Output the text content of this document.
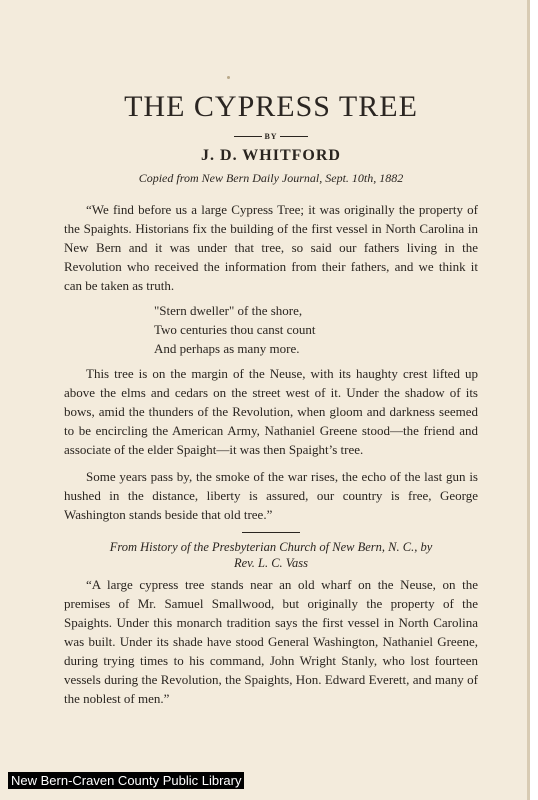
THE CYPRESS TREE
BY
J. D. WHITFORD
Copied from New Bern Daily Journal, Sept. 10th, 1882

“We find before us a large Cypress Tree; it was originally the property of the Spaights. Historians fix the building of the first vessel in North Carolina in New Bern and it was under that tree, so said our fathers living in the Revolution who received the information from their fathers, and we think it can be taken as truth.

"Stern dweller" of the shore,
Two centuries thou canst count
And perhaps as many more.

This tree is on the margin of the Neuse, with its haughty crest lifted up above the elms and cedars on the street west of it. Under the shadow of its bows, amid the thunders of the Revolution, when gloom and darkness seemed to be encircling the American Army, Nathaniel Greene stood—the friend and associate of the elder Spaight—it was then Spaight’s tree.

Some years pass by, the smoke of the war rises, the echo of the last gun is hushed in the distance, liberty is assured, our country is free, George Washington stands beside that old tree.”

From History of the Presbyterian Church of New Bern, N. C., by
Rev. L. C. Vass

“A large cypress tree stands near an old wharf on the Neuse, on the premises of Mr. Samuel Smallwood, but originally the property of the Spaights. Under this monarch tradition says the first vessel in North Carolina was built. Under its shade have stood General Washington, Nathaniel Greene, during trying times to his command, John Wright Stanly, who lost fourteen vessels during the Revolution, the Spaights, Hon. Edward Everett, and many of the noblest of men.”

New Bern-Craven County Public Library
